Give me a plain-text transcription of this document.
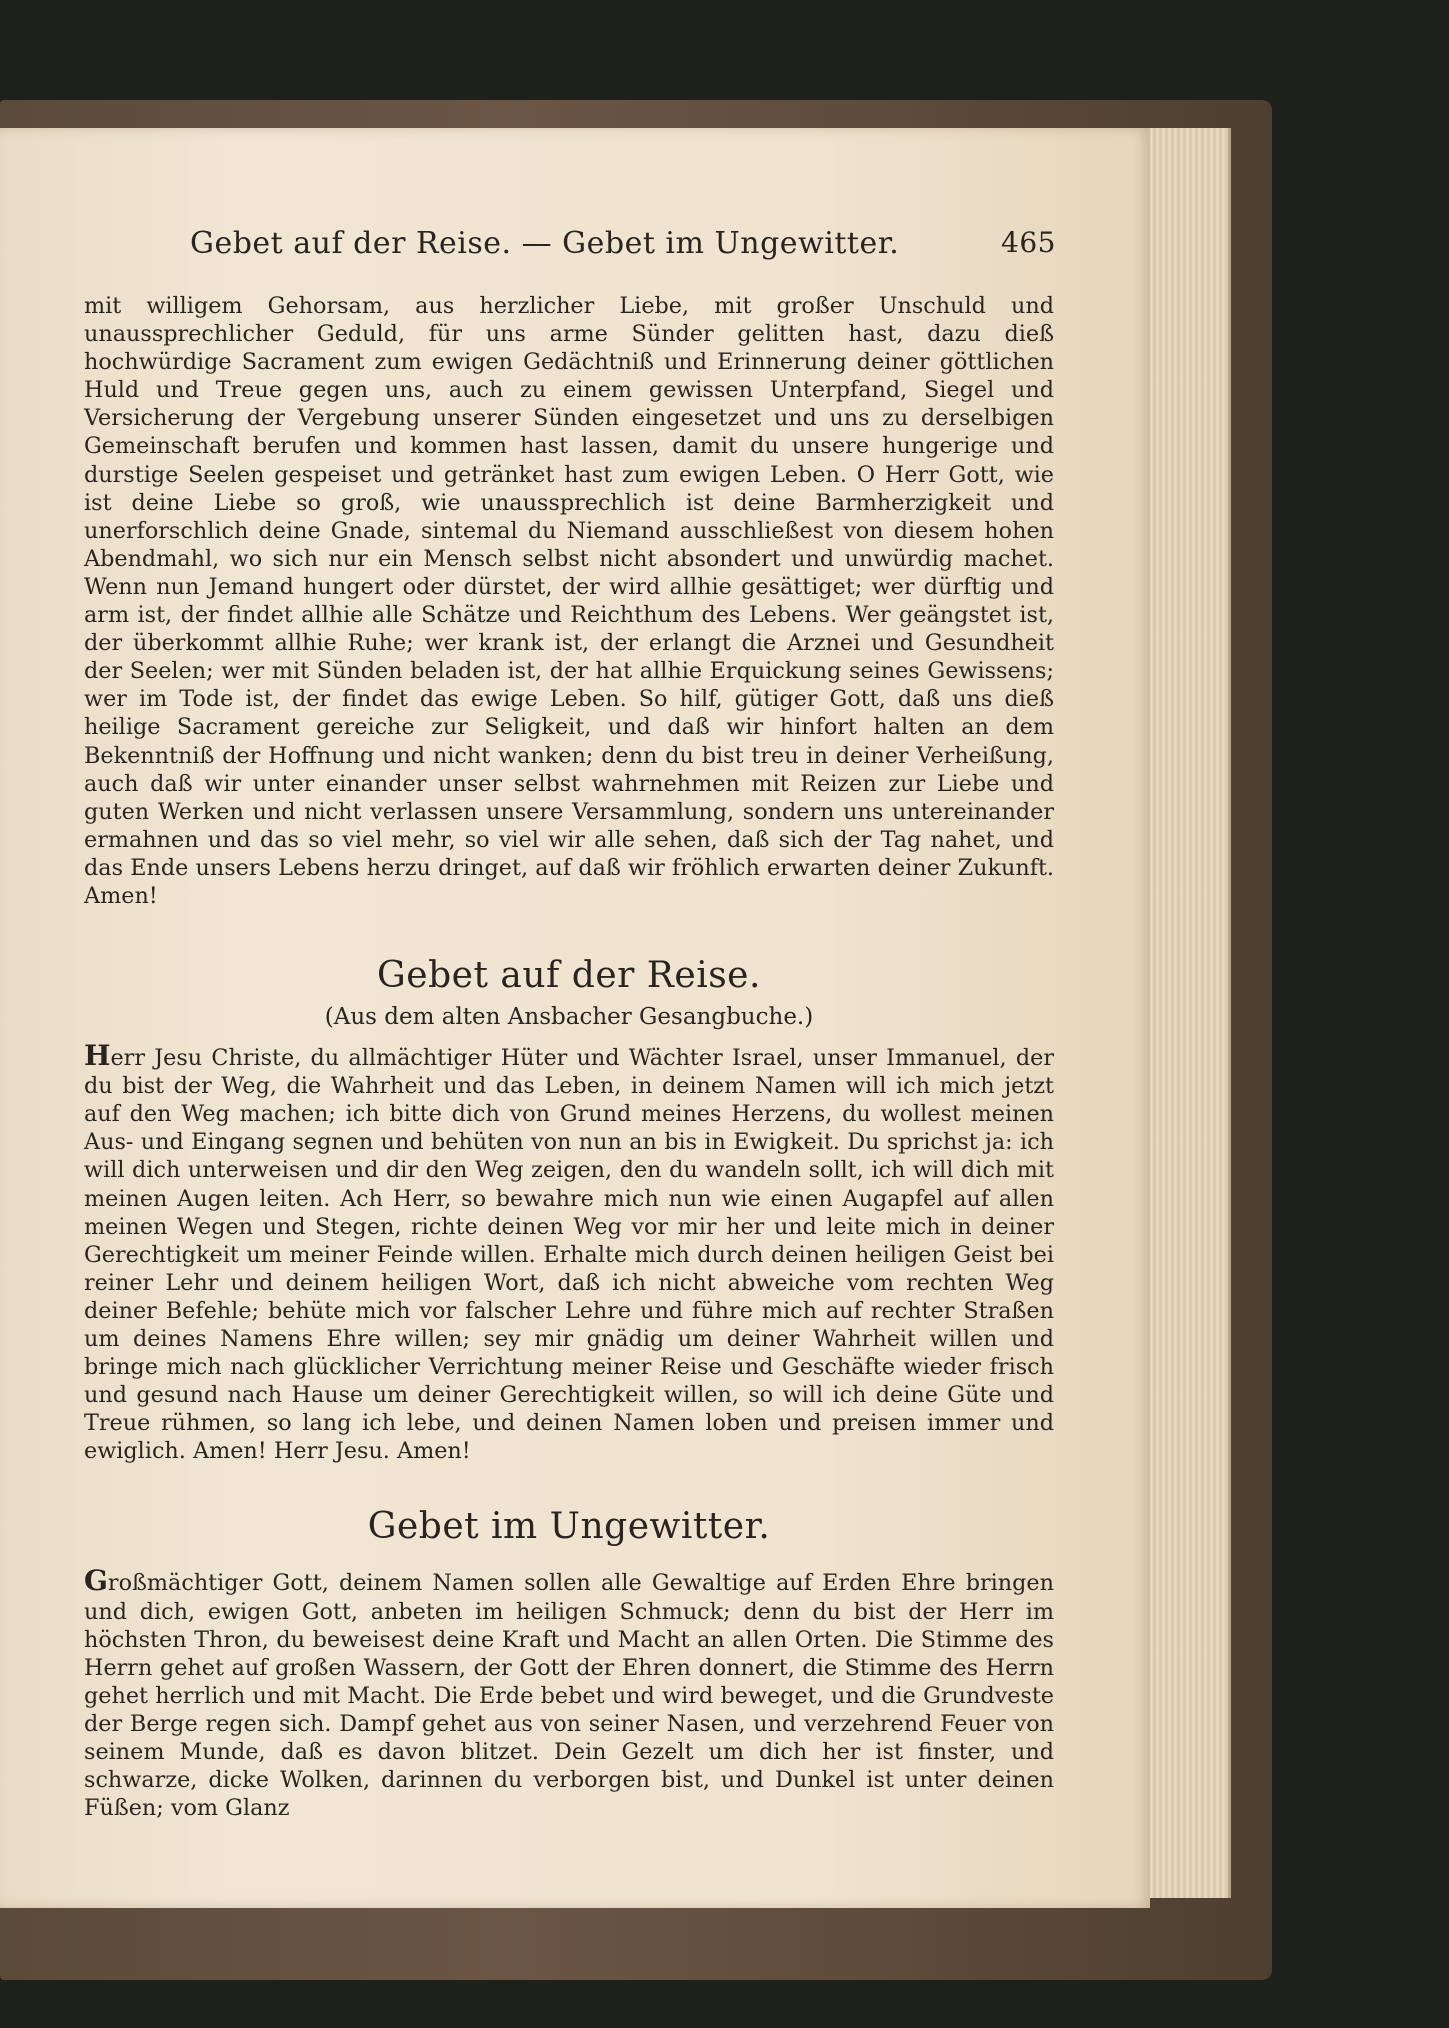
Gebet auf der Reise. — Gebet im Ungewitter.	465

mit willigem Gehorsam, aus herzlicher Liebe, mit großer Unschuld und unaussprechlicher Geduld, für uns arme Sünder gelitten hast, dazu dieß hochwürdige Sacrament zum ewigen Gedächtniß und Erinnerung deiner göttlichen Huld und Treue gegen uns, auch zu einem gewissen Unterpfand, Siegel und Versicherung der Vergebung unserer Sünden eingesetzet und uns zu derselbigen Gemeinschaft berufen und kommen hast lassen, damit du unsere hungerige und durstige Seelen gespeiset und getränket hast zum ewigen Leben. O Herr Gott, wie ist deine Liebe so groß, wie unaussprechlich ist deine Barmherzigkeit und unerforschlich deine Gnade, sintemal du Niemand ausschließest von diesem hohen Abendmahl, wo sich nur ein Mensch selbst nicht absondert und unwürdig machet. Wenn nun Jemand hungert oder dürstet, der wird allhie gesättiget; wer dürftig und arm ist, der findet allhie alle Schätze und Reichthum des Lebens. Wer geängstet ist, der überkommt allhie Ruhe; wer krank ist, der erlangt die Arznei und Gesundheit der Seelen; wer mit Sünden beladen ist, der hat allhie Erquickung seines Gewissens; wer im Tode ist, der findet das ewige Leben. So hilf, gütiger Gott, daß uns dieß heilige Sacrament gereiche zur Seligkeit, und daß wir hinfort halten an dem Bekenntniß der Hoffnung und nicht wanken; denn du bist treu in deiner Verheißung, auch daß wir unter einander unser selbst wahrnehmen mit Reizen zur Liebe und guten Werken und nicht verlassen unsere Versammlung, sondern uns untereinander ermahnen und das so viel mehr, so viel wir alle sehen, daß sich der Tag nahet, und das Ende unsers Lebens herzu dringet, auf daß wir fröhlich erwarten deiner Zukunft. Amen!

Gebet auf der Reise.
(Aus dem alten Ansbacher Gesangbuche.)

Herr Jesu Christe, du allmächtiger Hüter und Wächter Israel, unser Immanuel, der du bist der Weg, die Wahrheit und das Leben, in deinem Namen will ich mich jetzt auf den Weg machen; ich bitte dich von Grund meines Herzens, du wollest meinen Aus- und Eingang segnen und behüten von nun an bis in Ewigkeit. Du sprichst ja: ich will dich unterweisen und dir den Weg zeigen, den du wandeln sollt, ich will dich mit meinen Augen leiten. Ach Herr, so bewahre mich nun wie einen Augapfel auf allen meinen Wegen und Stegen, richte deinen Weg vor mir her und leite mich in deiner Gerechtigkeit um meiner Feinde willen. Erhalte mich durch deinen heiligen Geist bei reiner Lehr und deinem heiligen Wort, daß ich nicht abweiche vom rechten Weg deiner Befehle; behüte mich vor falscher Lehre und führe mich auf rechter Straßen um deines Namens Ehre willen; sey mir gnädig um deiner Wahrheit willen und bringe mich nach glücklicher Verrichtung meiner Reise und Geschäfte wieder frisch und gesund nach Hause um deiner Gerechtigkeit willen, so will ich deine Güte und Treue rühmen, so lang ich lebe, und deinen Namen loben und preisen immer und ewiglich. Amen! Herr Jesu. Amen!

Gebet im Ungewitter.

Großmächtiger Gott, deinem Namen sollen alle Gewaltige auf Erden Ehre bringen und dich, ewigen Gott, anbeten im heiligen Schmuck; denn du bist der Herr im höchsten Thron, du beweisest deine Kraft und Macht an allen Orten. Die Stimme des Herrn gehet auf großen Wassern, der Gott der Ehren donnert, die Stimme des Herrn gehet herrlich und mit Macht. Die Erde bebet und wird beweget, und die Grundveste der Berge regen sich. Dampf gehet aus von seiner Nasen, und verzehrend Feuer von seinem Munde, daß es davon blitzet. Dein Gezelt um dich her ist finster, und schwarze, dicke Wolken, darinnen du verborgen bist, und Dunkel ist unter deinen Füßen; vom Glanz
